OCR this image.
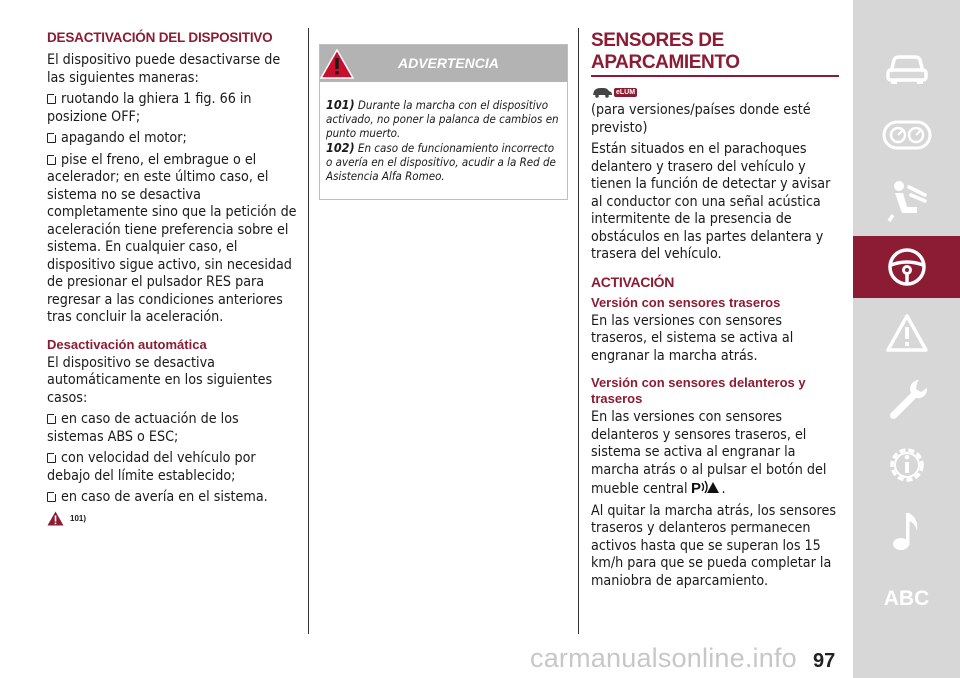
DESACTIVACIÓN DEL DISPOSITIVO

El dispositivo puede desactivarse de las siguientes maneras:

ruotando la ghiera 1 fig. 66 in posizione OFF;

apagando el motor;

pise el freno, el embrague o el acelerador; en este último caso, el sistema no se desactiva completamente sino que la petición de aceleración tiene preferencia sobre el sistema. En cualquier caso, el dispositivo sigue activo, sin necesidad de presionar el pulsador RES para regresar a las condiciones anteriores tras concluir la aceleración.

Desactivación automática

El dispositivo se desactiva automáticamente en los siguientes casos:

en caso de actuación de los sistemas ABS o ESC;

con velocidad del vehículo por debajo del límite establecido;

en caso de avería en el sistema.

101)
ADVERTENCIA

101) Durante la marcha con el dispositivo activado, no poner la palanca de cambios en punto muerto.

102) En caso de funcionamiento incorrecto o avería en el dispositivo, acudir a la Red de Asistencia Alfa Romeo.

SENSORES DE APARCAMIENTO
eLUM

(para versiones/países donde esté previsto)

Están situados en el parachoques delantero y trasero del vehículo y tienen la función de detectar y avisar al conductor con una señal acústica intermitente de la presencia de obstáculos en las partes delantera y trasera del vehículo.

ACTIVACIÓN
Versión con sensores traseros

En las versiones con sensores traseros, el sistema se activa al engranar la marcha atrás.

Versión con sensores delanteros y traseros

En las versiones con sensores delanteros y sensores traseros, el sistema se activa al engranar la marcha atrás o al pulsar el botón del mueble central P .

Al quitar la marcha atrás, los sensores traseros y delanteros permanecen activos hasta que se superan los 15 km/h para que se pueda completar la maniobra de aparcamiento.

ABC
carmanualsonline.info 97
